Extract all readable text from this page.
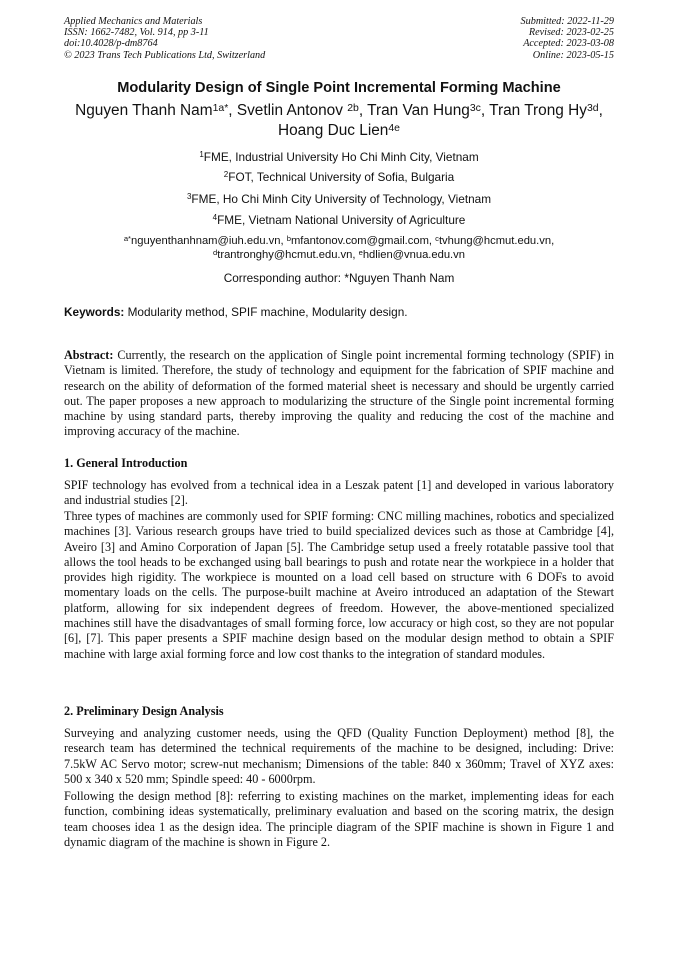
Applied Mechanics and Materials
ISSN: 1662-7482, Vol. 914, pp 3-11
doi:10.4028/p-dm8764
© 2023 Trans Tech Publications Ltd, Switzerland
Submitted: 2022-11-29
Revised: 2023-02-25
Accepted: 2023-03-08
Online: 2023-05-15
Modularity Design of Single Point Incremental Forming Machine
Nguyen Thanh Nam$^{1a*}$, Svetlin Antonov $^{2b}$, Tran Van Hung$^{3c}$, Tran Trong $Hy^{3d}$,
Hoang Duc Lien$^{4e}$
$^1$FME, Industrial University Ho Chi Minh City, Vietnam
$^2$FOT, Technical University of Sofia, Bulgaria
$^3$FME, Ho Chi Minh City University of Technology, Vietnam
$^4$FME, Vietnam National University of Agriculture
$^{a*}$nguyenthanhnam@iuh.edu.vn, $^b$mfantonov.com@gmail.com, $^c$tvhung@hcmut.edu.vn,
$^d$trantronghy@hcmut.edu.vn, $^e$hdlien@vnua.edu.vn
Corresponding author: *Nguyen Thanh Nam
Keywords: Modularity method, SPIF machine, Modularity design.
Abstract: Currently, the research on the application of Single point incremental forming technology (SPIF) in Vietnam is limited. Therefore, the study of technology and equipment for the fabrication of SPIF machine and research on the ability of deformation of the formed material sheet is necessary and should be urgently carried out. The paper proposes a new approach to modularizing the structure of the Single point incremental forming machine by using standard parts, thereby improving the quality and reducing the cost of the machine and improving accuracy of the machine.
1. General Introduction
SPIF technology has evolved from a technical idea in a Leszak patent [1] and developed in various laboratory and industrial studies [2].
Three types of machines are commonly used for SPIF forming: CNC milling machines, robotics and specialized machines [3]. Various research groups have tried to build specialized devices such as those at Cambridge [4], Aveiro [3] and Amino Corporation of Japan [5]. The Cambridge setup used a freely rotatable passive tool that allows the tool heads to be exchanged using ball bearings to push and rotate near the workpiece in a holder that provides high rigidity. The workpiece is mounted on a load cell based on structure with 6 DOFs to avoid momentary loads on the cells. The purpose-built machine at Aveiro introduced an adaptation of the Stewart platform, allowing for six independent degrees of freedom. However, the above-mentioned specialized machines still have the disadvantages of small forming force, low accuracy or high cost, so they are not popular [6], [7]. This paper presents a SPIF machine design based on the modular design method to obtain a SPIF machine with large axial forming force and low cost thanks to the integration of standard modules.
2. Preliminary Design Analysis
Surveying and analyzing customer needs, using the QFD (Quality Function Deployment) method [8], the research team has determined the technical requirements of the machine to be designed, including: Drive: 7.5kW AC Servo motor; screw-nut mechanism; Dimensions of the table: 840 x 360mm; Travel of XYZ axes: 500 x 340 x 520 mm; Spindle speed: 40 - 6000rpm.
Following the design method [8]: referring to existing machines on the market, implementing ideas for each function, combining ideas systematically, preliminary evaluation and based on the scoring matrix, the design team chooses idea 1 as the design idea. The principle diagram of the SPIF machine is shown in Figure 1 and dynamic diagram of the machine is shown in Figure 2.
